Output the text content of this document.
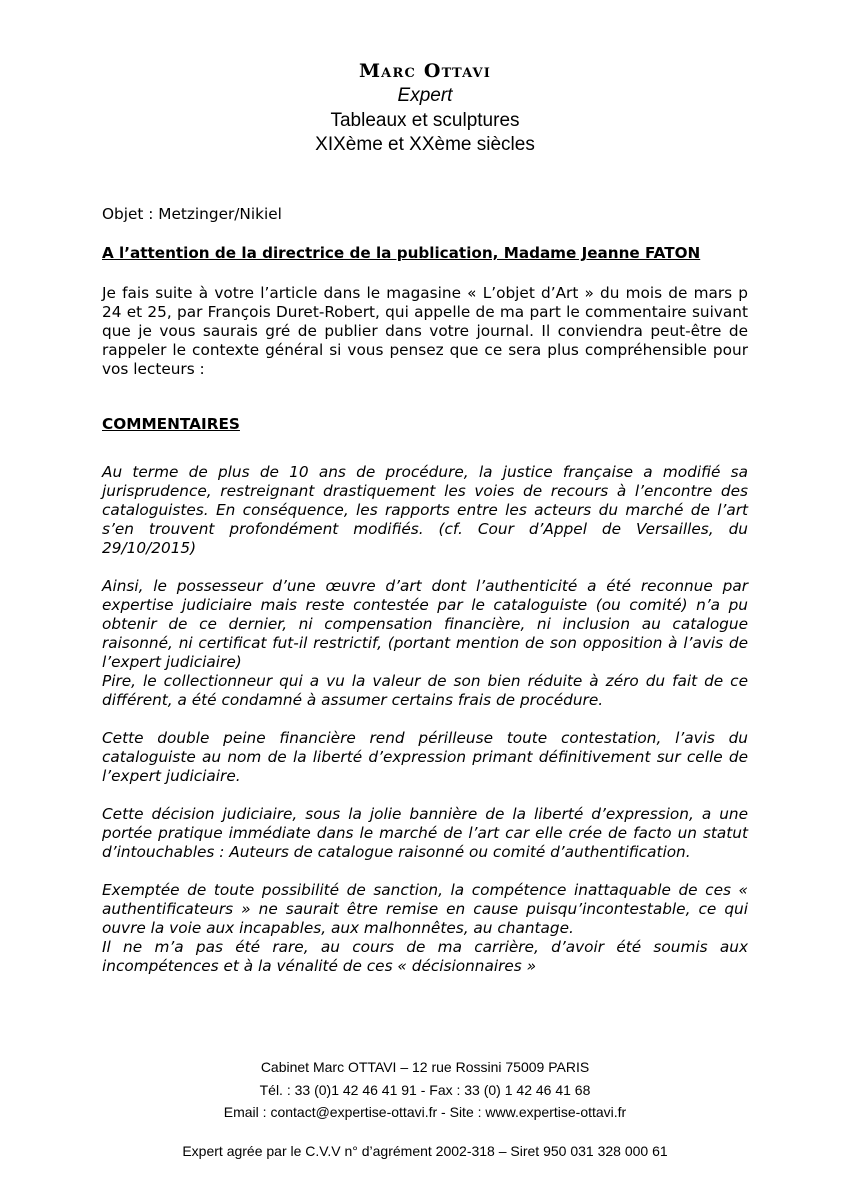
Marc Ottavi
Expert
Tableaux et sculptures
XIXème et XXème siècles
Objet : Metzinger/Nikiel
A l’attention de la directrice de la publication, Madame Jeanne FATON
Je fais suite à votre l’article dans le magasine « L’objet d’Art » du mois de mars p 24 et 25, par François Duret-Robert, qui appelle de ma part le commentaire suivant que je vous saurais gré de publier dans votre journal. Il conviendra peut-être de rappeler le contexte général si vous pensez que ce sera plus compréhensible pour vos lecteurs :
COMMENTAIRES

Au terme de plus de 10 ans de procédure, la justice française a modifié sa jurisprudence, restreignant drastiquement les voies de recours à l’encontre des cataloguistes. En conséquence, les rapports entre les acteurs du marché de l’art s’en trouvent profondément modifiés. (cf. Cour d’Appel de Versailles, du 29/10/2015)

Ainsi, le possesseur d’une œuvre d’art dont l’authenticité a été reconnue par expertise judiciaire mais reste contestée par le cataloguiste (ou comité) n’a pu obtenir de ce dernier, ni compensation financière, ni inclusion au catalogue raisonné, ni certificat fut-il restrictif, (portant mention de son opposition à l’avis de l’expert judiciaire)

Pire, le collectionneur qui a vu la valeur de son bien réduite à zéro du fait de ce différent, a été condamné à assumer certains frais de procédure.

Cette double peine financière rend périlleuse toute contestation, l’avis du cataloguiste au nom de la liberté d’expression primant définitivement sur celle de l’expert judiciaire.

Cette décision judiciaire, sous la jolie bannière de la liberté d’expression, a une portée pratique immédiate dans le marché de l’art car elle crée de facto un statut d’intouchables : Auteurs de catalogue raisonné ou comité d’authentification.

Exemptée de toute possibilité de sanction, la compétence inattaquable de ces « authentificateurs » ne saurait être remise en cause puisqu’incontestable, ce qui ouvre la voie aux incapables, aux malhonnêtes, au chantage.

Il ne m’a pas été rare, au cours de ma carrière, d’avoir été soumis aux incompétences et à la vénalité de ces « décisionnaires »

Cabinet Marc OTTAVI – 12 rue Rossini 75009 PARIS
Tél. : 33 (0)1 42 46 41 91 - Fax : 33 (0) 1 42 46 41 68
Email : contact@expertise-ottavi.fr - Site : www.expertise-ottavi.fr
Expert agrée par le C.V.V n° d’agrément 2002-318 – Siret 950 031 328 000 61
